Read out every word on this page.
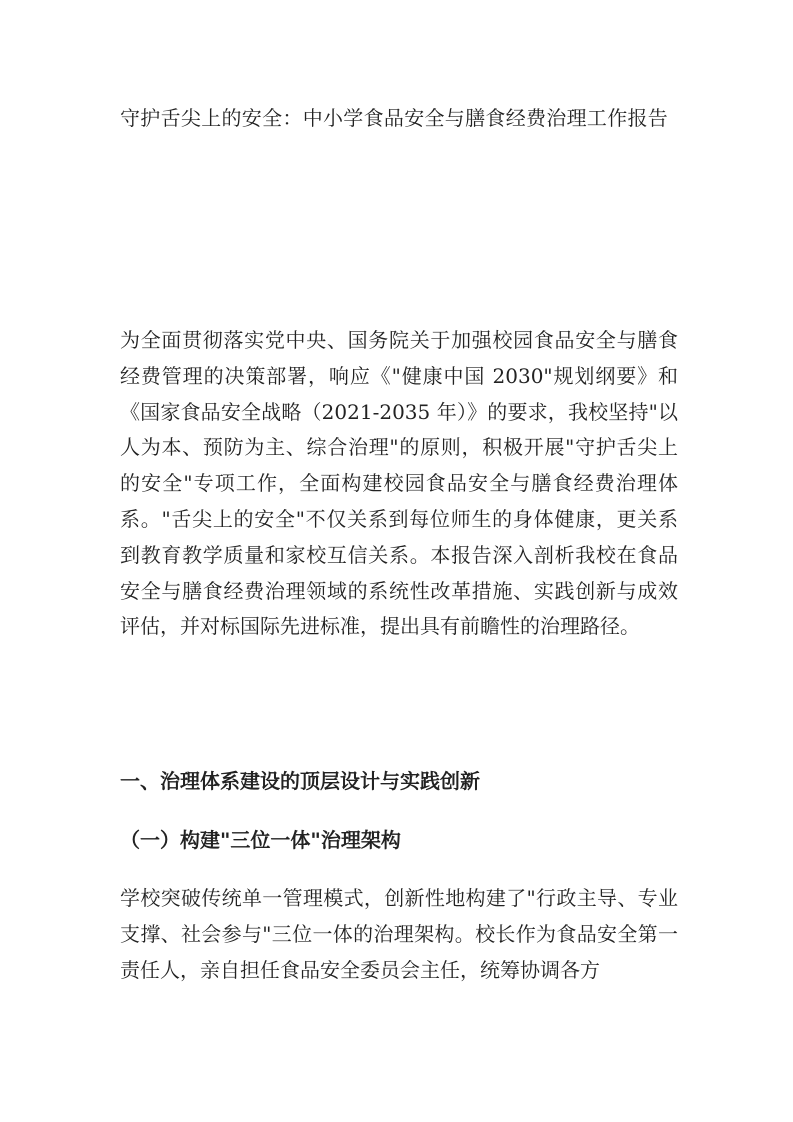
守护舌尖上的安全：中小学食品安全与膳食经费治理工作报告

为全面贯彻落实党中央、国务院关于加强校园食品安全与膳食经费管理的决策部署，响应《"健康中国 2030"规划纲要》和《国家食品安全战略（2021-2035 年）》的要求，我校坚持"以人为本、预防为主、综合治理"的原则，积极开展"守护舌尖上的安全"专项工作，全面构建校园食品安全与膳食经费治理体系。"舌尖上的安全"不仅关系到每位师生的身体健康，更关系到教育教学质量和家校互信关系。本报告深入剖析我校在食品安全与膳食经费治理领域的系统性改革措施、实践创新与成效评估，并对标国际先进标准，提出具有前瞻性的治理路径。

一、治理体系建设的顶层设计与实践创新
（一）构建"三位一体"治理架构

学校突破传统单一管理模式，创新性地构建了"行政主导、专业支撑、社会参与"三位一体的治理架构。校长作为食品安全第一责任人，亲自担任食品安全委员会主任，统筹协调各方
